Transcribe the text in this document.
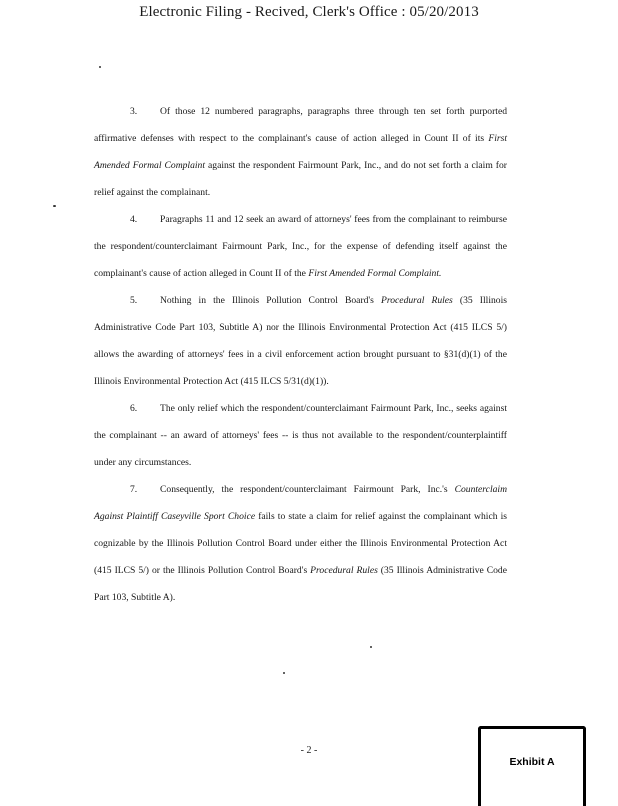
Electronic Filing - Recived, Clerk's Office : 05/20/2013

3. Of those 12 numbered paragraphs, paragraphs three through ten set forth purported affirmative defenses with respect to the complainant's cause of action alleged in Count II of its First Amended Formal Complaint against the respondent Fairmount Park, Inc., and do not set forth a claim for relief against the complainant.

4. Paragraphs 11 and 12 seek an award of attorneys' fees from the complainant to reimburse the respondent/counterclaimant Fairmount Park, Inc., for the expense of defending itself against the complainant's cause of action alleged in Count II of the First Amended Formal Complaint.

5. Nothing in the Illinois Pollution Control Board's Procedural Rules (35 Illinois Administrative Code Part 103, Subtitle A) nor the Illinois Environmental Protection Act (415 ILCS 5/) allows the awarding of attorneys' fees in a civil enforcement action brought pursuant to §31(d)(1) of the Illinois Environmental Protection Act (415 ILCS 5/31(d)(1)).

6. The only relief which the respondent/counterclaimant Fairmount Park, Inc., seeks against the complainant -- an award of attorneys' fees -- is thus not available to the respondent/counterplaintiff under any circumstances.

7. Consequently, the respondent/counterclaimant Fairmount Park, Inc.'s Counterclaim Against Plaintiff Caseyville Sport Choice fails to state a claim for relief against the complainant which is cognizable by the Illinois Pollution Control Board under either the Illinois Environmental Protection Act (415 ILCS 5/) or the Illinois Pollution Control Board's Procedural Rules (35 Illinois Administrative Code Part 103, Subtitle A).

- 2 -
Exhibit A
